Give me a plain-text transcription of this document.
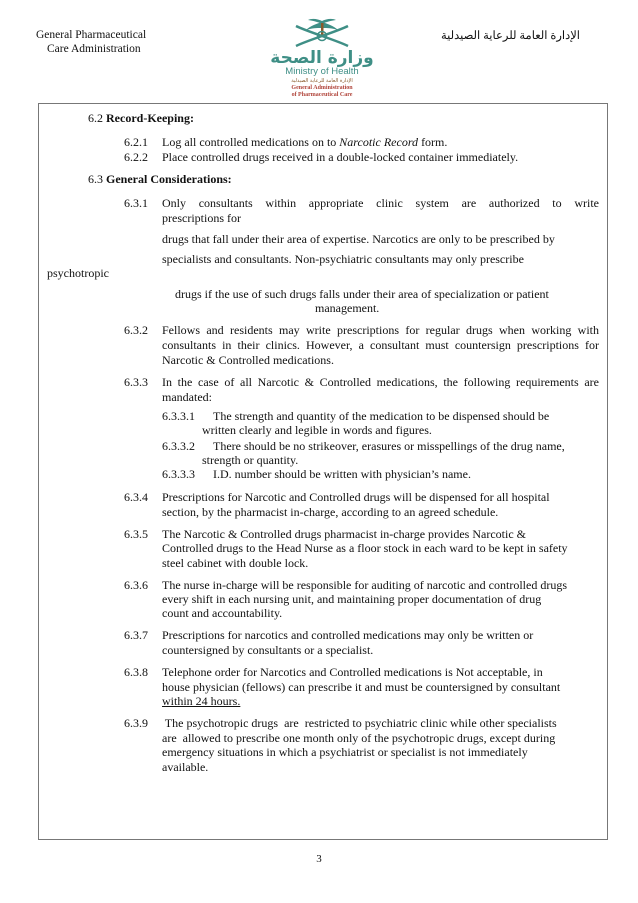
General Pharmaceutical
Care Administration
الإدارة العامة للرعاية الصيدلية
وزارة الصحة
Ministry of Health
الإدارة العامة للرعاية الصيدلية
General Administration
of Pharmaceutical Care
6.2 Record-Keeping:
6.2.1 Log all controlled medications on to Narcotic Record form.
6.2.2 Place controlled drugs received in a double-locked container immediately.
6.3 General Considerations:
6.3.1 Only consultants within appropriate clinic system are authorized to write
prescriptions for
drugs that fall under their area of expertise. Narcotics are only to be prescribed by
specialists and consultants. Non-psychiatric consultants may only prescribe
psychotropic
drugs if the use of such drugs falls under their area of specialization or patient
management.
6.3.2 Fellows and residents may write prescriptions for regular drugs when working with consultants in their clinics. However, a consultant must countersign prescriptions for Narcotic & Controlled medications.
6.3.3 In the case of all Narcotic & Controlled medications, the following requirements are mandated:
6.3.3.1 The strength and quantity of the medication to be dispensed should be
written clearly and legible in words and figures.
6.3.3.2 There should be no strikeover, erasures or misspellings of the drug name,
strength or quantity.
6.3.3.3 I.D. number should be written with physician’s name.
6.3.4 Prescriptions for Narcotic and Controlled drugs will be dispensed for all hospital
section, by the pharmacist in-charge, according to an agreed schedule.
6.3.5 The Narcotic & Controlled drugs pharmacist in-charge provides Narcotic &
Controlled drugs to the Head Nurse as a floor stock in each ward to be kept in safety
steel cabinet with double lock.
6.3.6 The nurse in-charge will be responsible for auditing of narcotic and controlled drugs
every shift in each nursing unit, and maintaining proper documentation of drug
count and accountability.
6.3.7 Prescriptions for narcotics and controlled medications may only be written or
countersigned by consultants or a specialist.
6.3.8 Telephone order for Narcotics and Controlled medications is Not acceptable, in
house physician (fellows) can prescribe it and must be countersigned by consultant
within 24 hours.
6.3.9 The psychotropic drugs  are  restricted to psychiatric clinic while other specialists
are  allowed to prescribe one month only of the psychotropic drugs, except during
emergency situations in which a psychiatrist or specialist is not immediately
available.
3
